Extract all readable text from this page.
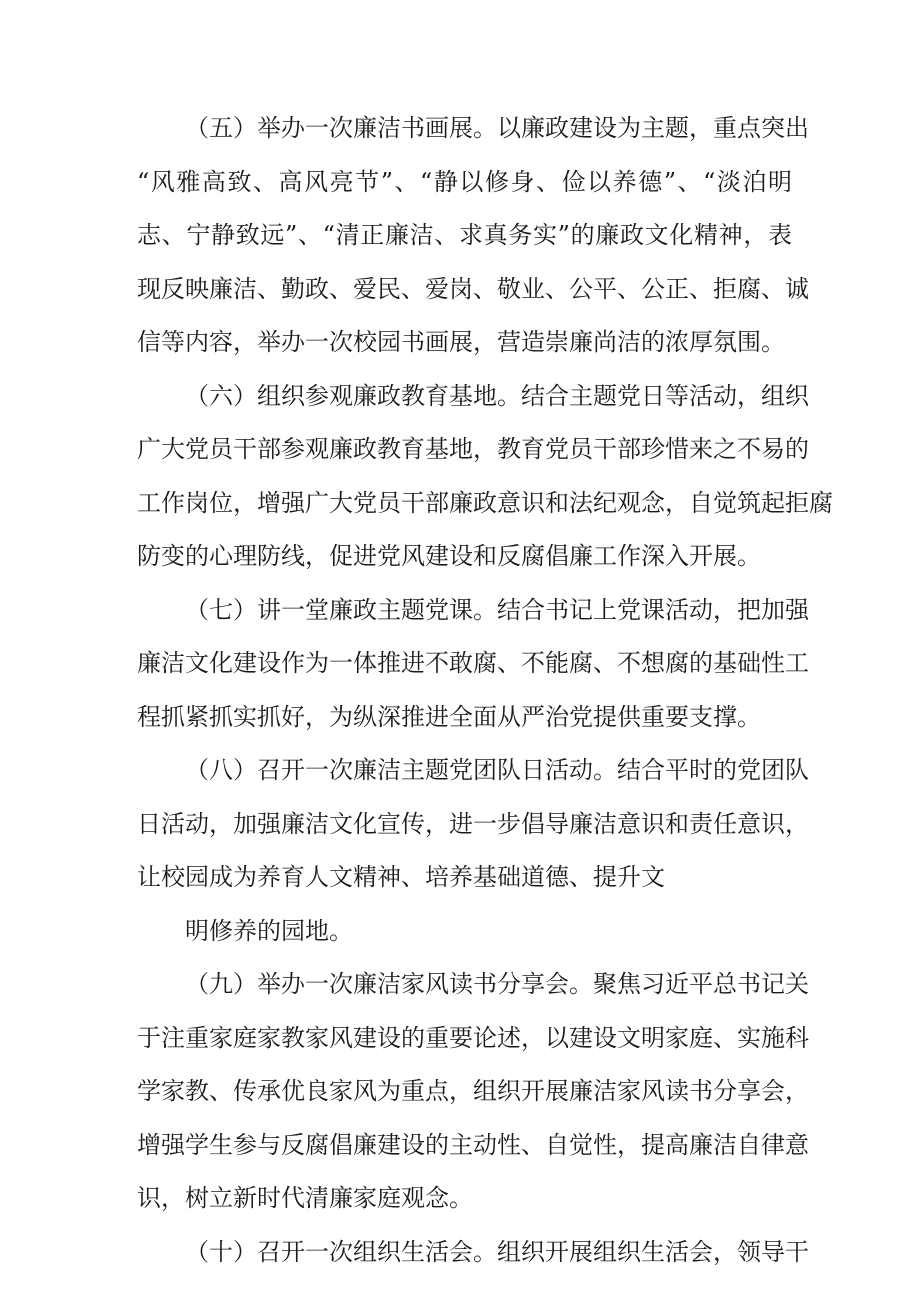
（五）举办一次廉洁书画展。以廉政建设为主题，重点突出
“风雅高致、高风亮节”、“静以修身、俭以养德”、“淡泊明
志、宁静致远”、“清正廉洁、求真务实”的廉政文化精神，表
现反映廉洁、勤政、爱民、爱岗、敬业、公平、公正、拒腐、诚
信等内容，举办一次校园书画展，营造崇廉尚洁的浓厚氛围。
（六）组织参观廉政教育基地。结合主题党日等活动，组织
广大党员干部参观廉政教育基地，教育党员干部珍惜来之不易的
工作岗位，增强广大党员干部廉政意识和法纪观念，自觉筑起拒腐
防变的心理防线，促进党风建设和反腐倡廉工作深入开展。
（七）讲一堂廉政主题党课。结合书记上党课活动，把加强
廉洁文化建设作为一体推进不敢腐、不能腐、不想腐的基础性工
程抓紧抓实抓好，为纵深推进全面从严治党提供重要支撑。
（八）召开一次廉洁主题党团队日活动。结合平时的党团队
日活动，加强廉洁文化宣传，进一步倡导廉洁意识和责任意识，
让校园成为养育人文精神、培养基础道德、提升文
明修养的园地。
（九）举办一次廉洁家风读书分享会。聚焦习近平总书记关
于注重家庭家教家风建设的重要论述，以建设文明家庭、实施科
学家教、传承优良家风为重点，组织开展廉洁家风读书分享会，
增强学生参与反腐倡廉建设的主动性、自觉性，提高廉洁自律意
识，树立新时代清廉家庭观念。
（十）召开一次组织生活会。组织开展组织生活会，领导干
